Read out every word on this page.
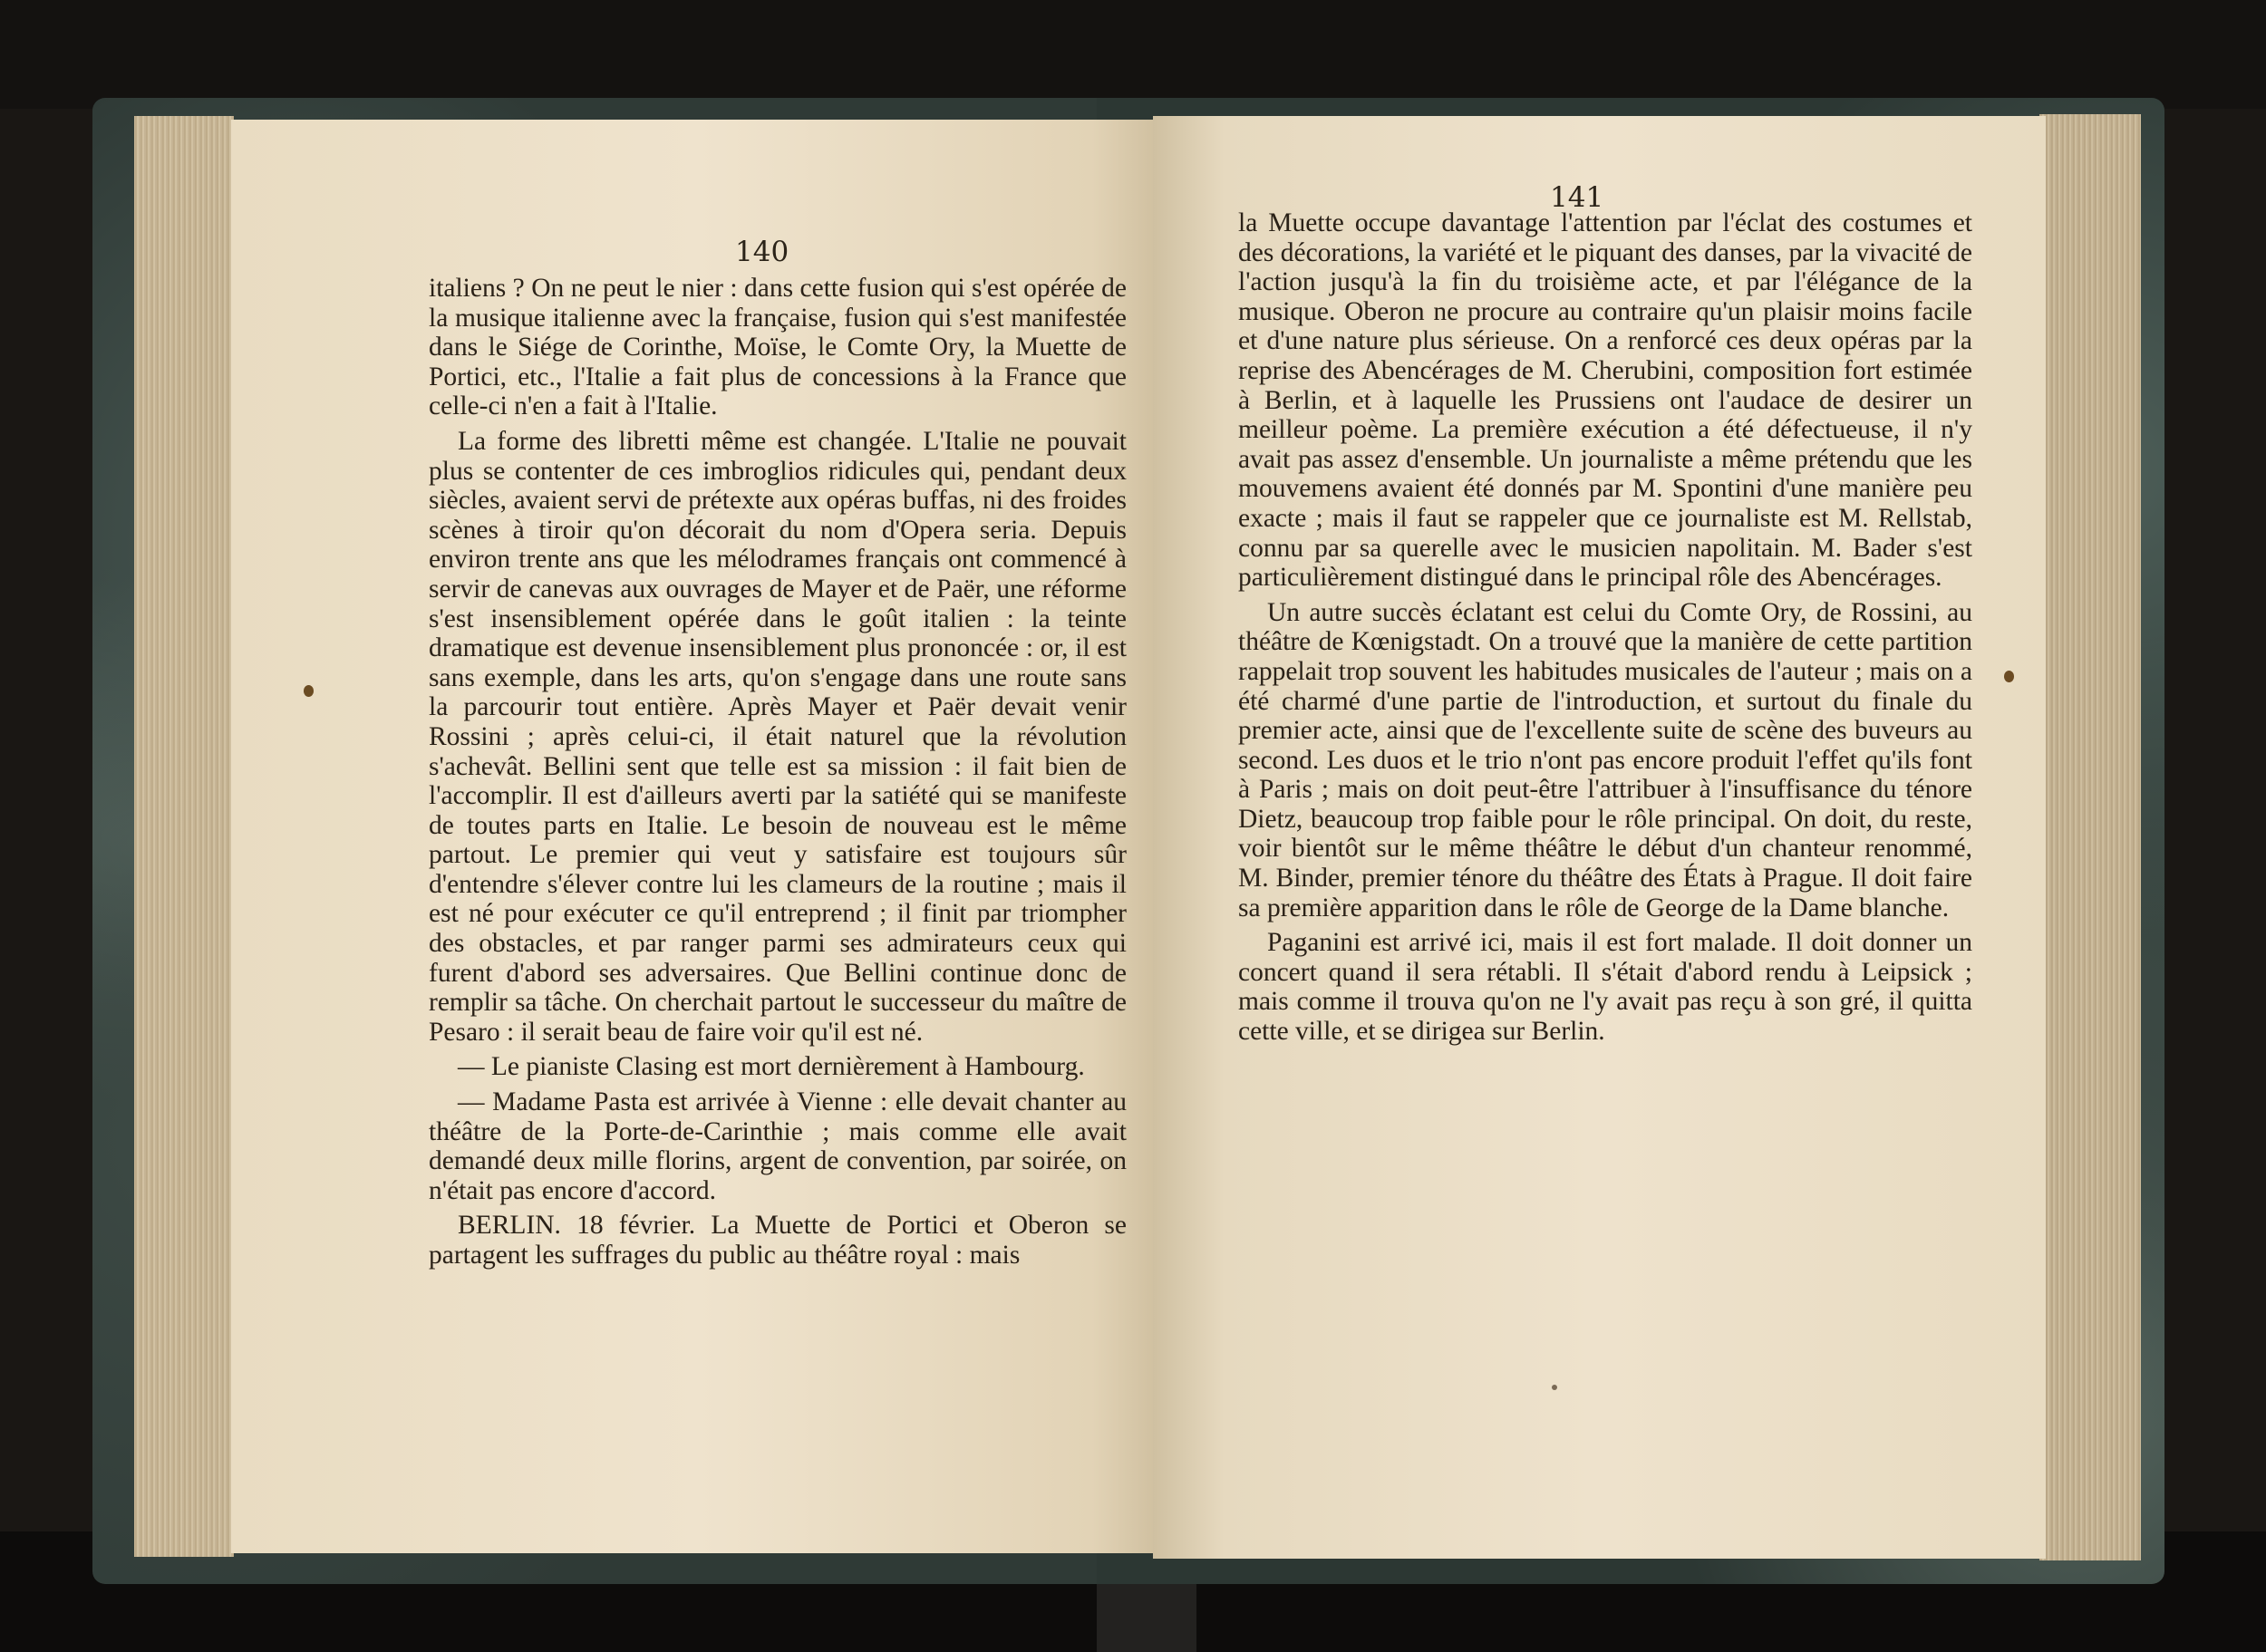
140

italiens ? On ne peut le nier : dans cette fusion qui s'est opérée de la musique italienne avec la française, fusion qui s'est manifestée dans le Siége de Corinthe, Moïse, le Comte Ory, la Muette de Portici, etc., l'Italie a fait plus de concessions à la France que celle-ci n'en a fait à l'Italie.

La forme des libretti même est changée. L'Italie ne pouvait plus se contenter de ces imbroglios ridicules qui, pendant deux siècles, avaient servi de prétexte aux opéras buffas, ni des froides scènes à tiroir qu'on décorait du nom d'Opera seria. Depuis environ trente ans que les mélodrames français ont commencé à servir de canevas aux ouvrages de Mayer et de Paër, une réforme s'est insensiblement opérée dans le goût italien : la teinte dramatique est devenue insensiblement plus prononcée : or, il est sans exemple, dans les arts, qu'on s'engage dans une route sans la parcourir tout entière. Après Mayer et Paër devait venir Rossini ; après celui-ci, il était naturel que la révolution s'achevât. Bellini sent que telle est sa mission : il fait bien de l'accomplir. Il est d'ailleurs averti par la satiété qui se manifeste de toutes parts en Italie. Le besoin de nouveau est le même partout. Le premier qui veut y satisfaire est toujours sûr d'entendre s'élever contre lui les clameurs de la routine ; mais il est né pour exécuter ce qu'il entreprend ; il finit par triompher des obstacles, et par ranger parmi ses admirateurs ceux qui furent d'abord ses adversaires. Que Bellini continue donc de remplir sa tâche. On cherchait partout le successeur du maître de Pesaro : il serait beau de faire voir qu'il est né.

— Le pianiste Clasing est mort dernièrement à Hambourg.

— Madame Pasta est arrivée à Vienne : elle devait chanter au théâtre de la Porte-de-Carinthie ; mais comme elle avait demandé deux mille florins, argent de convention, par soirée, on n'était pas encore d'accord.

BERLIN. 18 février. La Muette de Portici et Oberon se partagent les suffrages du public au théâtre royal : mais

141

la Muette occupe davantage l'attention par l'éclat des costumes et des décorations, la variété et le piquant des danses, par la vivacité de l'action jusqu'à la fin du troisième acte, et par l'élégance de la musique. Oberon ne procure au contraire qu'un plaisir moins facile et d'une nature plus sérieuse. On a renforcé ces deux opéras par la reprise des Abencérages de M. Cherubini, composition fort estimée à Berlin, et à laquelle les Prussiens ont l'audace de desirer un meilleur poème. La première exécution a été défectueuse, il n'y avait pas assez d'ensemble. Un journaliste a même prétendu que les mouvemens avaient été donnés par M. Spontini d'une manière peu exacte ; mais il faut se rappeler que ce journaliste est M. Rellstab, connu par sa querelle avec le musicien napolitain. M. Bader s'est particulièrement distingué dans le principal rôle des Abencérages.

Un autre succès éclatant est celui du Comte Ory, de Rossini, au théâtre de Kœnigstadt. On a trouvé que la manière de cette partition rappelait trop souvent les habitudes musicales de l'auteur ; mais on a été charmé d'une partie de l'introduction, et surtout du finale du premier acte, ainsi que de l'excellente suite de scène des buveurs au second. Les duos et le trio n'ont pas encore produit l'effet qu'ils font à Paris ; mais on doit peut-être l'attribuer à l'insuffisance du ténore Dietz, beaucoup trop faible pour le rôle principal. On doit, du reste, voir bientôt sur le même théâtre le début d'un chanteur renommé, M. Binder, premier ténore du théâtre des États à Prague. Il doit faire sa première apparition dans le rôle de George de la Dame blanche.

Paganini est arrivé ici, mais il est fort malade. Il doit donner un concert quand il sera rétabli. Il s'était d'abord rendu à Leipsick ; mais comme il trouva qu'on ne l'y avait pas reçu à son gré, il quitta cette ville, et se dirigea sur Berlin.
